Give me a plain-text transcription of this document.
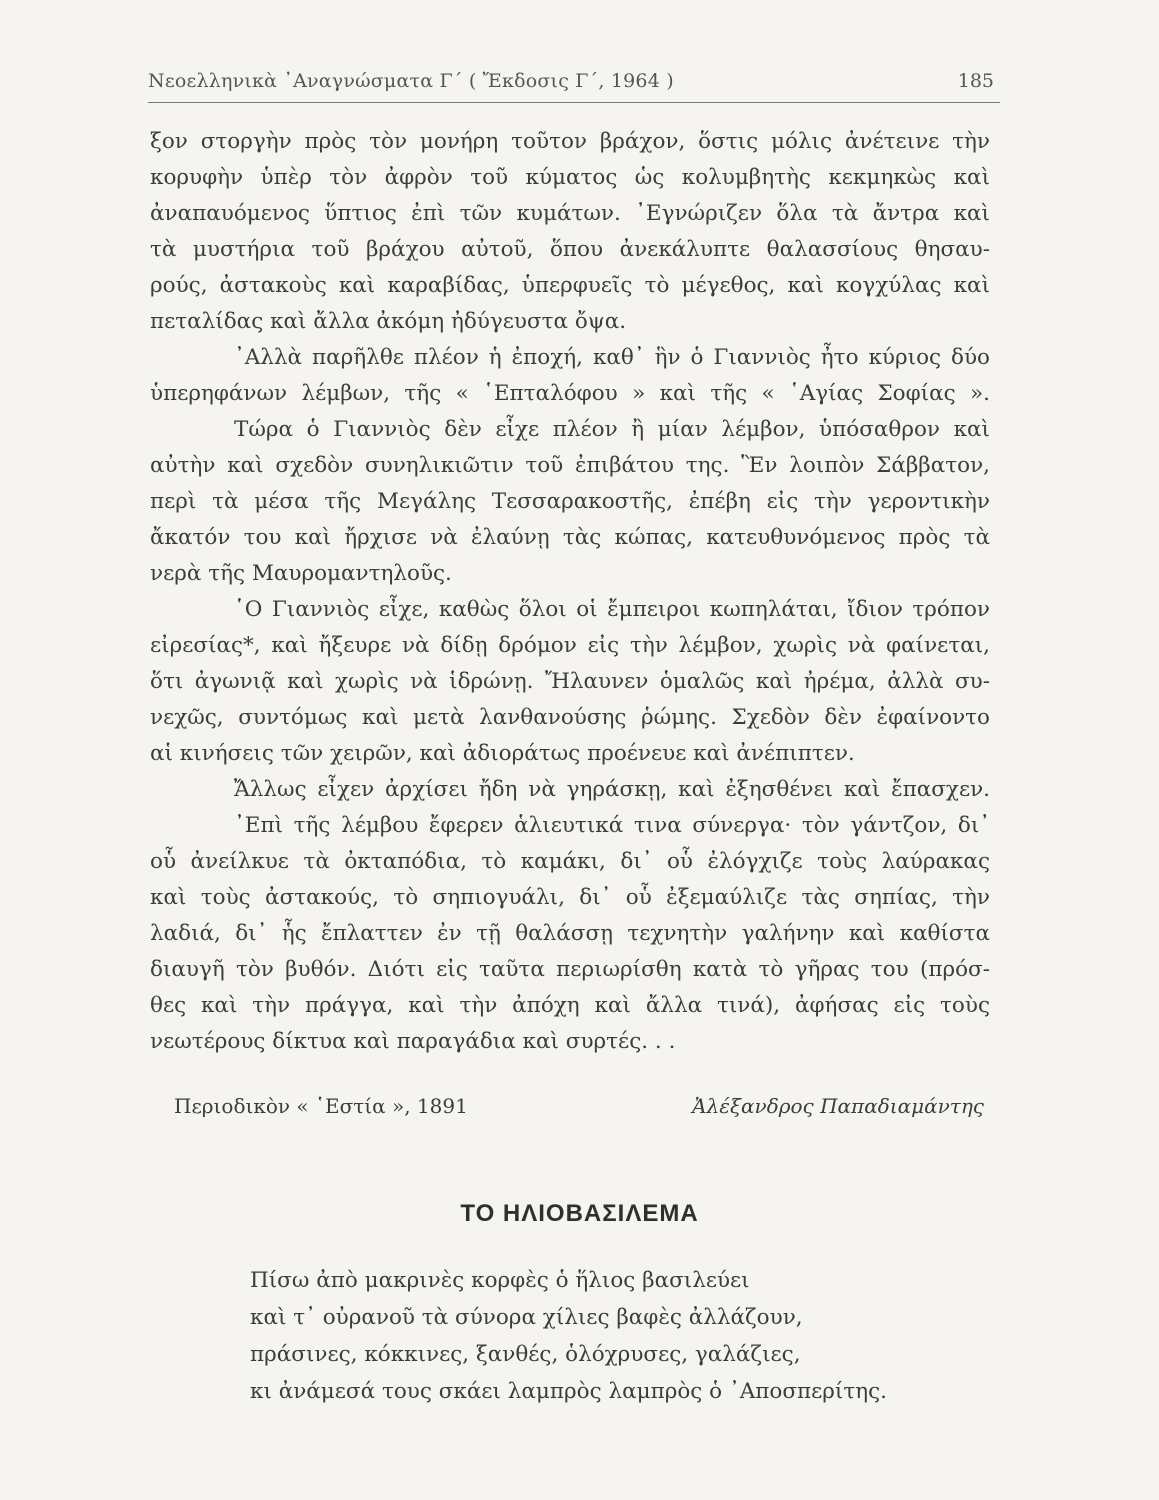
Νεοελληνικὰ ᾿Αναγνώσματα Γ΄ ( Ἔκδοσις Γ΄, 1964 )	185
ξον στοργὴν πρὸς τὸν μονήρη τοῦτον βράχον, ὅστις μόλις ἀνέτεινε τὴν
κορυφὴν ὑπὲρ τὸν ἀφρὸν τοῦ κύματος ὡς κολυμβητὴς κεκμηκὼς καὶ
ἀναπαυόμενος ὕπτιος ἐπὶ τῶν κυμάτων. ᾿Εγνώριζεν ὅλα τὰ ἄντρα καὶ
τὰ μυστήρια τοῦ βράχου αὐτοῦ, ὅπου ἀνεκάλυπτε θαλασσίους θησαυ-
ρούς, ἀστακοὺς καὶ καραβίδας, ὑπερφυεῖς τὸ μέγεθος, καὶ κογχύλας καὶ
πεταλίδας καὶ ἄλλα ἀκόμη ἠδύγευστα ὄψα.
᾿Αλλὰ παρῆλθε πλέον ἡ ἐποχή, καθ᾿ ἣν ὁ Γιαννιὸς ἦτο κύριος δύο
ὑπερηφάνων λέμβων, τῆς « ῾Επταλόφου » καὶ τῆς « ῾Αγίας Σοφίας ».
Τώρα ὁ Γιαννιὸς δὲν εἶχε πλέον ἢ μίαν λέμβον, ὑπόσαθρον καὶ
αὐτὴν καὶ σχεδὸν συνηλικιῶτιν τοῦ ἐπιβάτου της. Ἓν λοιπὸν Σάββατον,
περὶ τὰ μέσα τῆς Μεγάλης Τεσσαρακοστῆς, ἐπέβη εἰς τὴν γεροντικὴν
ἄκατόν του καὶ ἤρχισε νὰ ἐλαύνῃ τὰς κώπας, κατευθυνόμενος πρὸς τὰ
νερὰ τῆς Μαυρομαντηλοῦς.
῾Ο Γιαννιὸς εἶχε, καθὼς ὅλοι οἱ ἔμπειροι κωπηλάται, ἴδιον τρόπον
εἰρεσίας*, καὶ ἤξευρε νὰ δίδῃ δρόμον εἰς τὴν λέμβον, χωρὶς νὰ φαίνεται,
ὅτι ἀγωνιᾷ καὶ χωρὶς νὰ ἱδρώνῃ. Ἤλαυνεν ὁμαλῶς καὶ ἠρέμα, ἀλλὰ συ-
νεχῶς, συντόμως καὶ μετὰ λανθανούσης ῥώμης. Σχεδὸν δὲν ἐφαίνοντο
αἱ κινήσεις τῶν χειρῶν, καὶ ἀδιοράτως προένευε καὶ ἀνέπιπτεν.
Ἄλλως εἶχεν ἀρχίσει ἤδη νὰ γηράσκῃ, καὶ ἐξησθένει καὶ ἔπασχεν.
᾿Επὶ τῆς λέμβου ἔφερεν ἁλιευτικά τινα σύνεργα· τὸν γάντζον, δι᾿
οὗ ἀνείλκυε τὰ ὀκταπόδια, τὸ καμάκι, δι᾿ οὗ ἐλόγχιζε τοὺς λαύρακας
καὶ τοὺς ἀστακούς, τὸ σηπιογυάλι, δι᾿ οὗ ἐξεμαύλιζε τὰς σηπίας, τὴν
λαδιά, δι᾿ ἧς ἔπλαττεν ἐν τῇ θαλάσσῃ τεχνητὴν γαλήνην καὶ καθίστα
διαυγῆ τὸν βυθόν. Διότι εἰς ταῦτα περιωρίσθη κατὰ τὸ γῆρας του (πρόσ-
θες καὶ τὴν πράγγα, καὶ τὴν ἀπόχη καὶ ἄλλα τινά), ἀφήσας εἰς τοὺς
νεωτέρους δίκτυα καὶ παραγάδια καὶ συρτές. . .
Περιοδικὸν « ῾Εστία », 1891	Ἀλέξανδρος Παπαδιαμάντης
ΤΟ ΗΛΙΟΒΑΣΙΛΕΜΑ
Πίσω ἀπὸ μακρινὲς κορφὲς ὁ ἥλιος βασιλεύει
καὶ τ᾿ οὐρανοῦ τὰ σύνορα χίλιες βαφὲς ἀλλάζουν,
πράσινες, κόκκινες, ξανθές, ὁλόχρυσες, γαλάζιες,
κι ἀνάμεσά τους σκάει λαμπρὸς λαμπρὸς ὁ ᾿Αποσπερίτης.
